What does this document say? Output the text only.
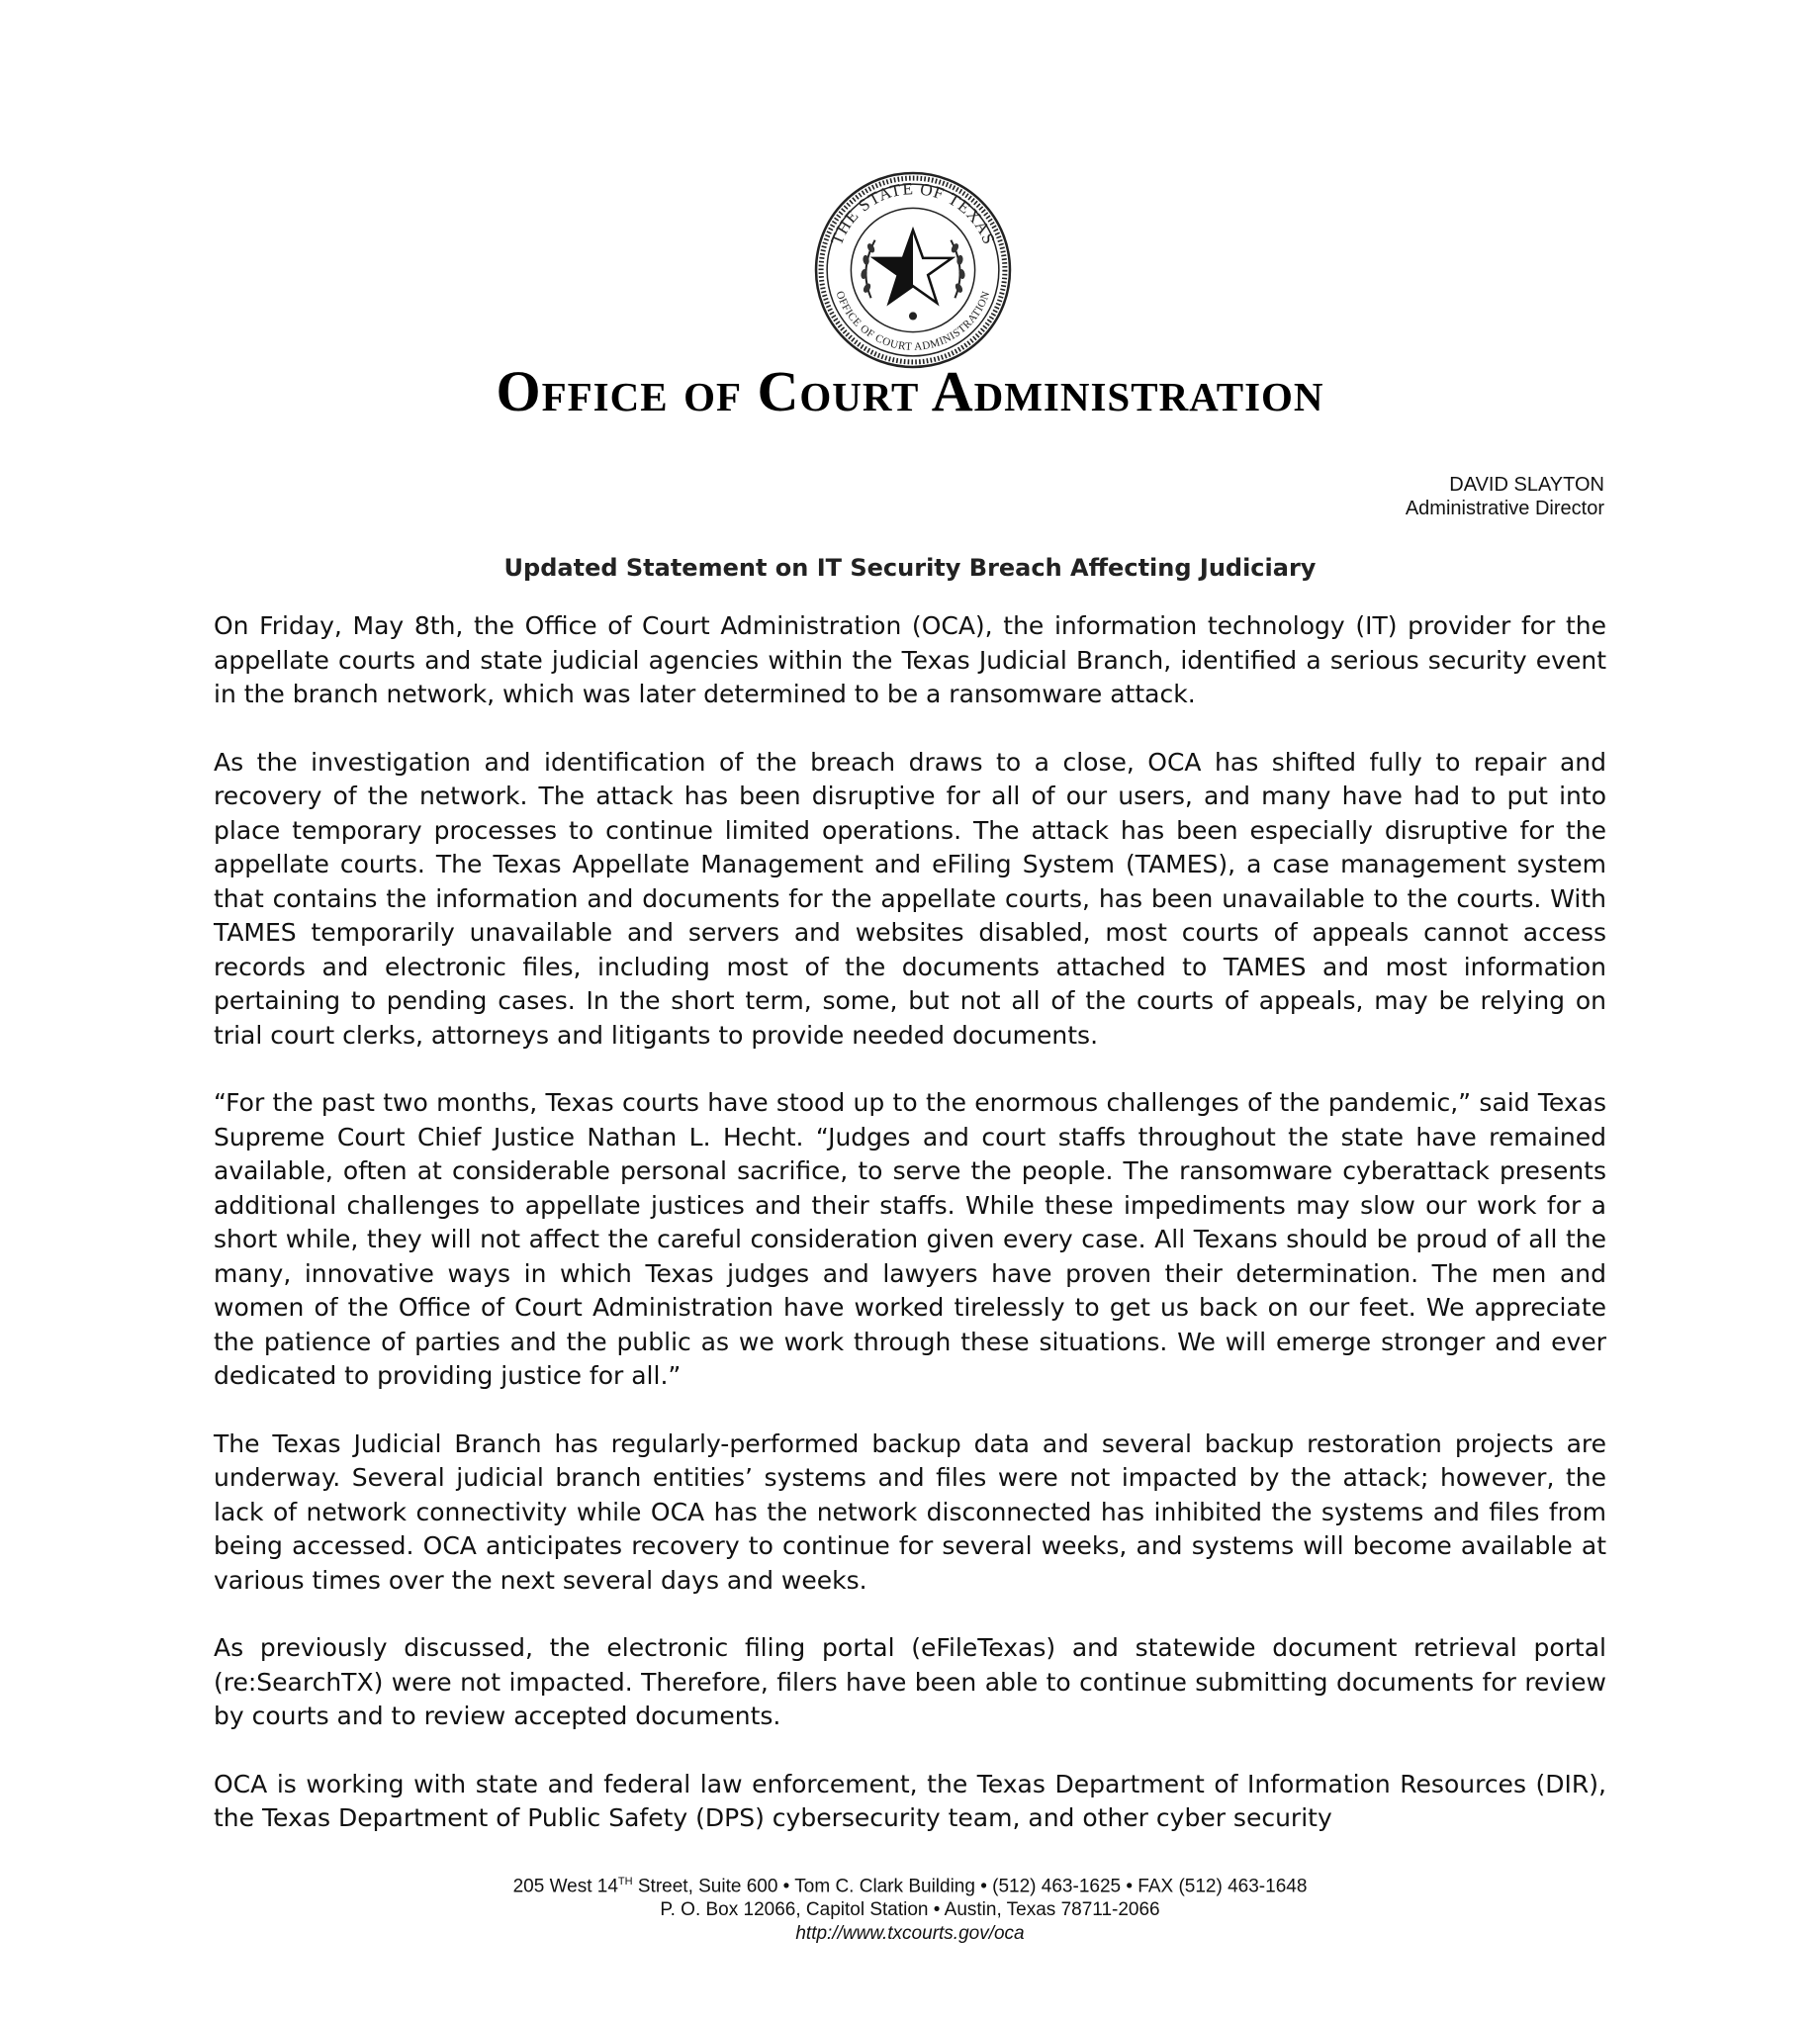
THE STATE OF TEXAS
OFFICE OF COURT ADMINISTRATION
Office of Court Administration
DAVID SLAYTON
Administrative Director
Updated Statement on IT Security Breach Affecting Judiciary

On Friday, May 8th, the Office of Court Administration (OCA), the information technology (IT) provider for the appellate courts and state judicial agencies within the Texas Judicial Branch, identified a serious security event in the branch network, which was later determined to be a ransomware attack.

As the investigation and identification of the breach draws to a close, OCA has shifted fully to repair and recovery of the network. The attack has been disruptive for all of our users, and many have had to put into place temporary processes to continue limited operations. The attack has been especially disruptive for the appellate courts. The Texas Appellate Management and eFiling System (TAMES), a case management system that contains the information and documents for the appellate courts, has been unavailable to the courts. With TAMES temporarily unavailable and servers and websites disabled, most courts of appeals cannot access records and electronic files, including most of the documents attached to TAMES and most information pertaining to pending cases. In the short term, some, but not all of the courts of appeals, may be relying on trial court clerks, attorneys and litigants to provide needed documents.

“For the past two months, Texas courts have stood up to the enormous challenges of the pandemic,” said Texas Supreme Court Chief Justice Nathan L. Hecht. “Judges and court staffs throughout the state have remained available, often at considerable personal sacrifice, to serve the people. The ransomware cyberattack presents additional challenges to appellate justices and their staffs. While these impediments may slow our work for a short while, they will not affect the careful consideration given every case. All Texans should be proud of all the many, innovative ways in which Texas judges and lawyers have proven their determination. The men and women of the Office of Court Administration have worked tirelessly to get us back on our feet. We appreciate the patience of parties and the public as we work through these situations. We will emerge stronger and ever dedicated to providing justice for all.”

The Texas Judicial Branch has regularly-performed backup data and several backup restoration projects are underway. Several judicial branch entities’ systems and files were not impacted by the attack; however, the lack of network connectivity while OCA has the network disconnected has inhibited the systems and files from being accessed. OCA anticipates recovery to continue for several weeks, and systems will become available at various times over the next several days and weeks.

As previously discussed, the electronic filing portal (eFileTexas) and statewide document retrieval portal (re:SearchTX) were not impacted. Therefore, filers have been able to continue submitting documents for review by courts and to review accepted documents.

OCA is working with state and federal law enforcement, the Texas Department of Information Resources (DIR), the Texas Department of Public Safety (DPS) cybersecurity team, and other cyber security

205 West 14TH Street, Suite 600 • Tom C. Clark Building • (512) 463-1625 • FAX (512) 463-1648
P. O. Box 12066, Capitol Station • Austin, Texas 78711-2066
http://www.txcourts.gov/oca
